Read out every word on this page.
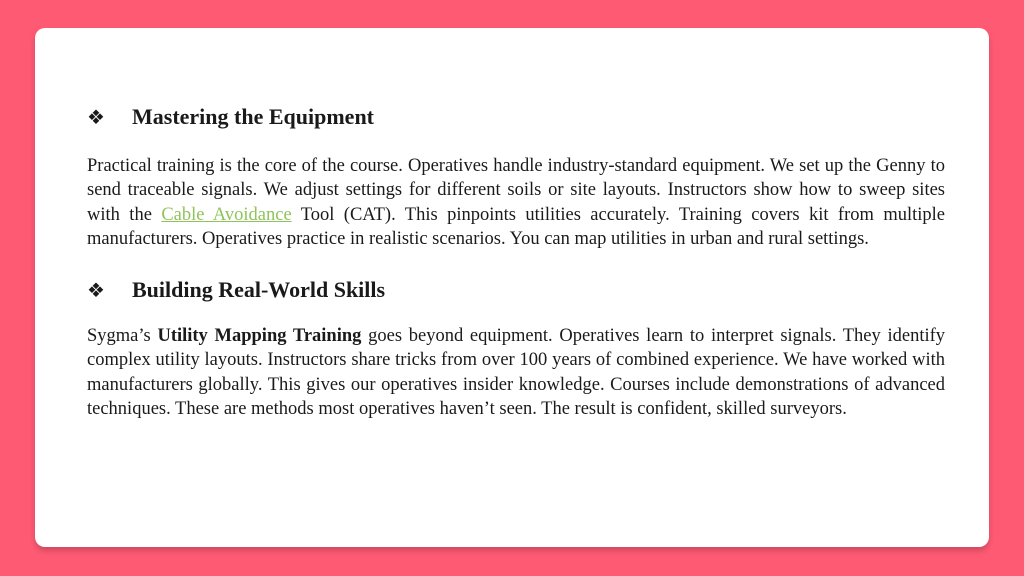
❖	Mastering the Equipment

Practical training is the core of the course. Operatives handle industry-standard equipment. We set up the Genny to send traceable signals. We adjust settings for different soils or site layouts. Instructors show how to sweep sites with the Cable Avoidance Tool (CAT). This pinpoints utilities accurately. Training covers kit from multiple manufacturers. Operatives practice in realistic scenarios. You can map utilities in urban and rural settings.

❖	Building Real-World Skills

Sygma’s Utility Mapping Training goes beyond equipment. Operatives learn to interpret signals. They identify complex utility layouts. Instructors share tricks from over 100 years of combined experience. We have worked with manufacturers globally. This gives our operatives insider knowledge. Courses include demonstrations of advanced techniques. These are methods most operatives haven’t seen. The result is confident, skilled surveyors.
